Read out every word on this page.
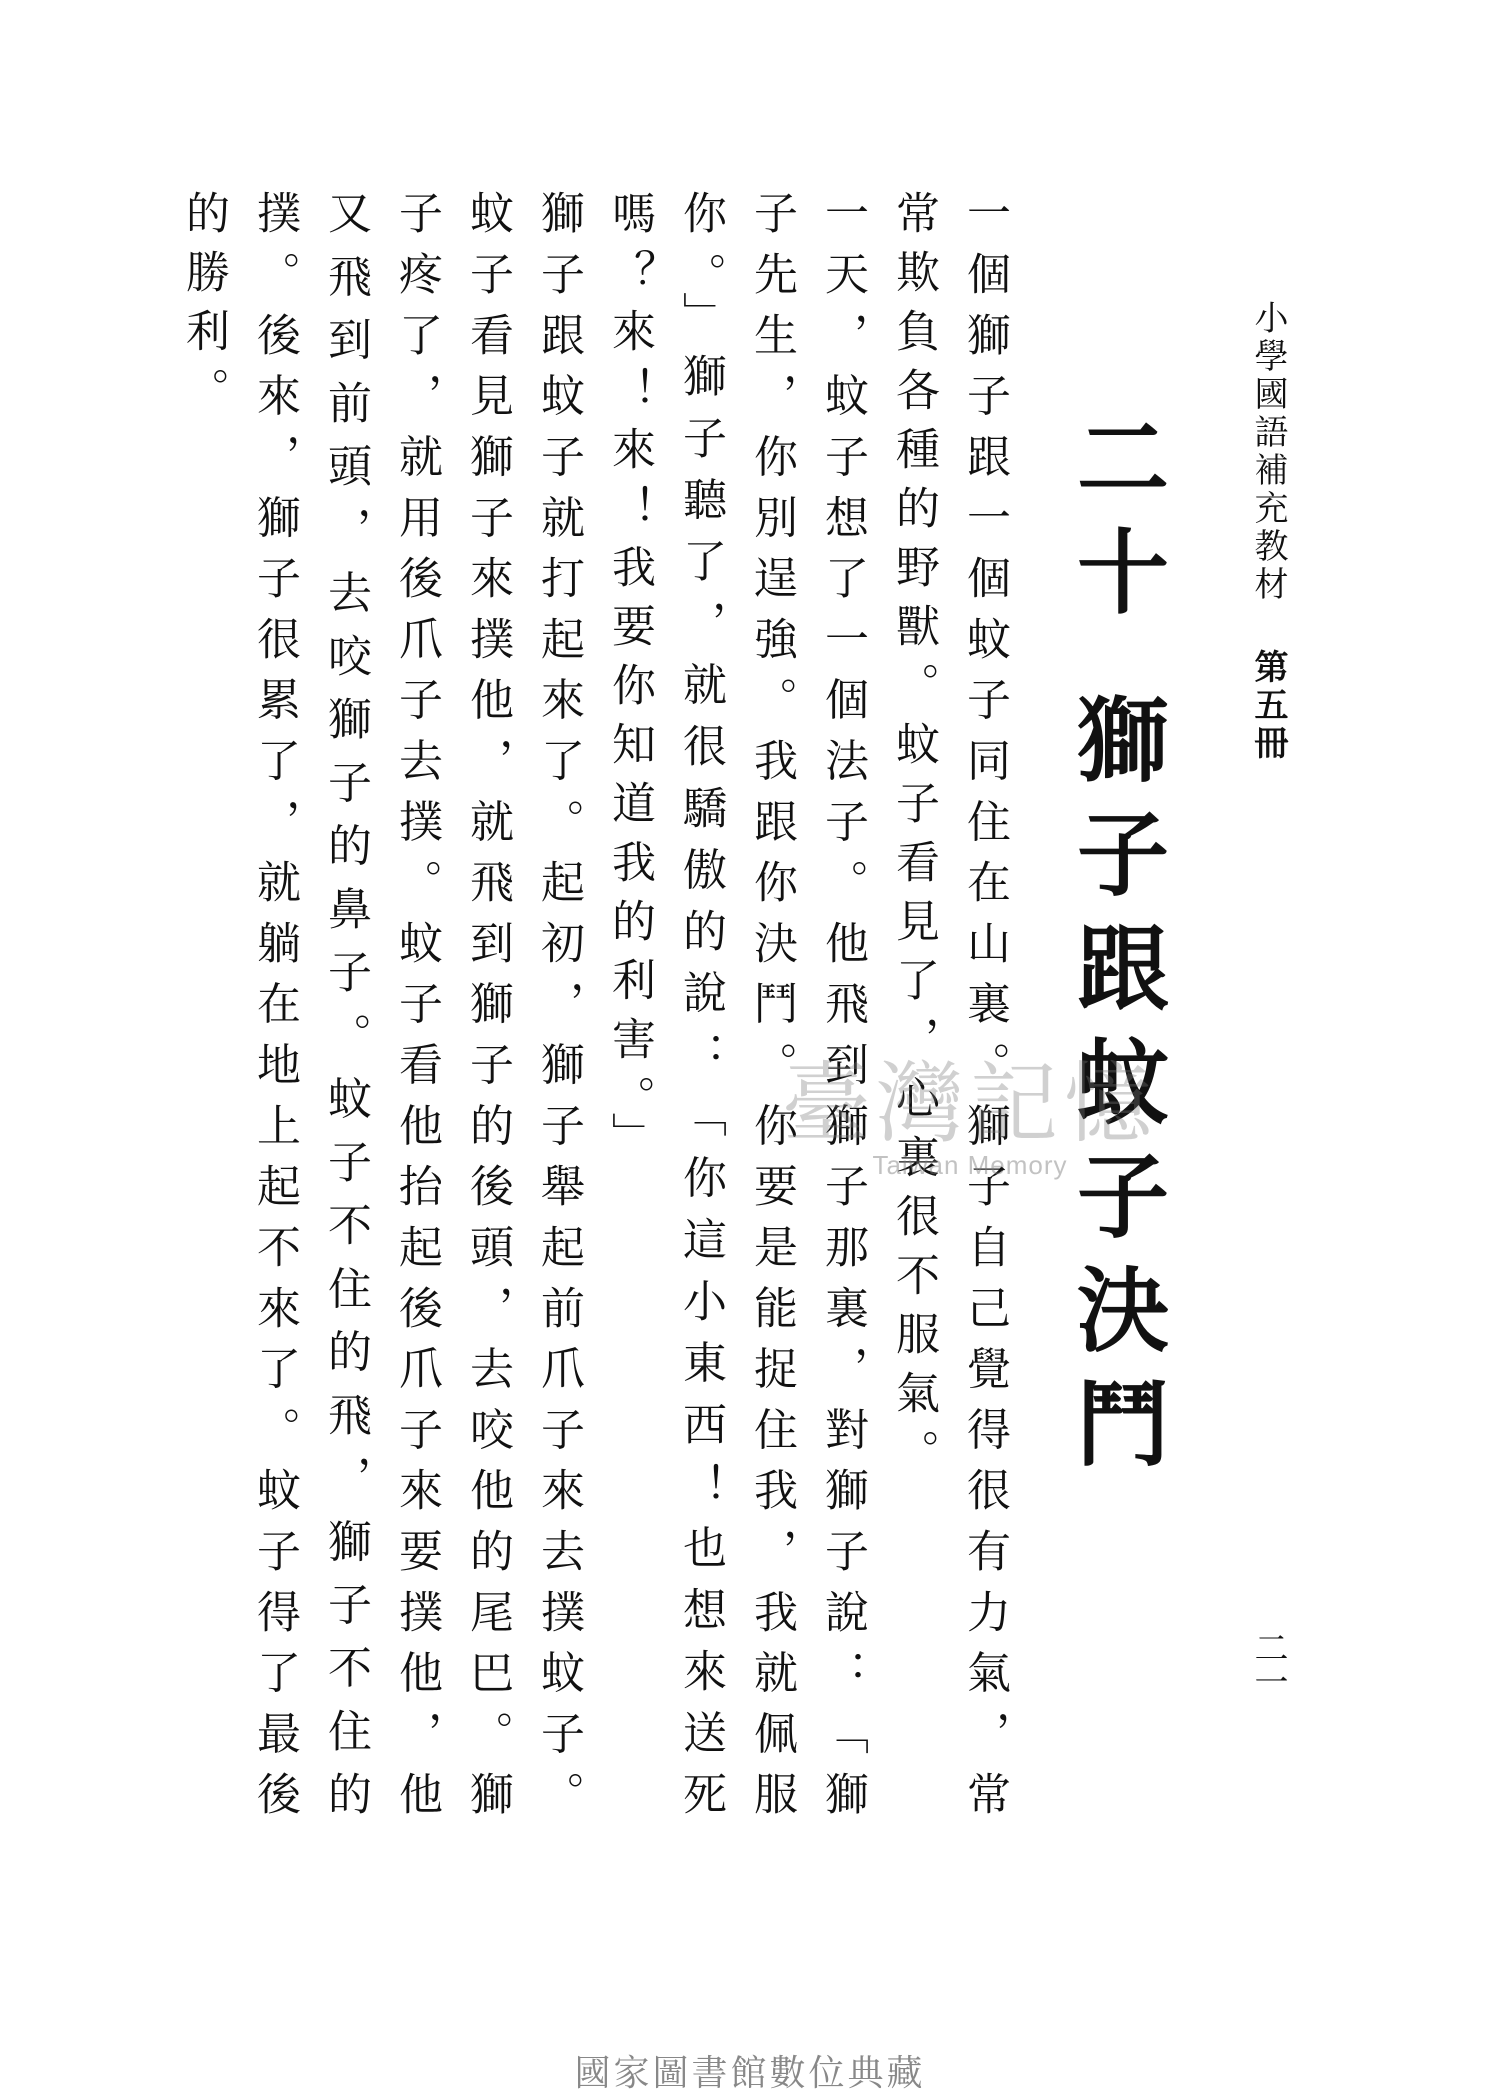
小學國語補充教材 第五冊
二一
二十 獅子跟蚊子決鬥

一個獅子跟一個蚊子同住在山裏。獅子自己覺得很有力氣，常常欺負各種的野獸。蚊子看見了，心裏很不服氣。

一天，蚊子想了一個法子。他飛到獅子那裏，對獅子說：「獅子先生，你別逞強。我跟你決鬥。你要是能捉住我，我就佩服你。」獅子聽了，就很驕傲的說：「你這小東西！也想來送死嗎？來！來！我要你知道我的利害。」

獅子跟蚊子就打起來了。起初，獅子舉起前爪子來去撲蚊子。蚊子看見獅子來撲他，就飛到獅子的後頭，去咬他的尾巴。獅子疼了，就用後爪子去撲。蚊子看他抬起後爪子來要撲他，他又飛到前頭，去咬獅子的鼻子。蚊子不住的飛，獅子不住的撲。後來，獅子很累了，就躺在地上起不來了。蚊子得了最後的勝利。

臺灣記憶
Taiwan Memory
國家圖書館數位典藏
